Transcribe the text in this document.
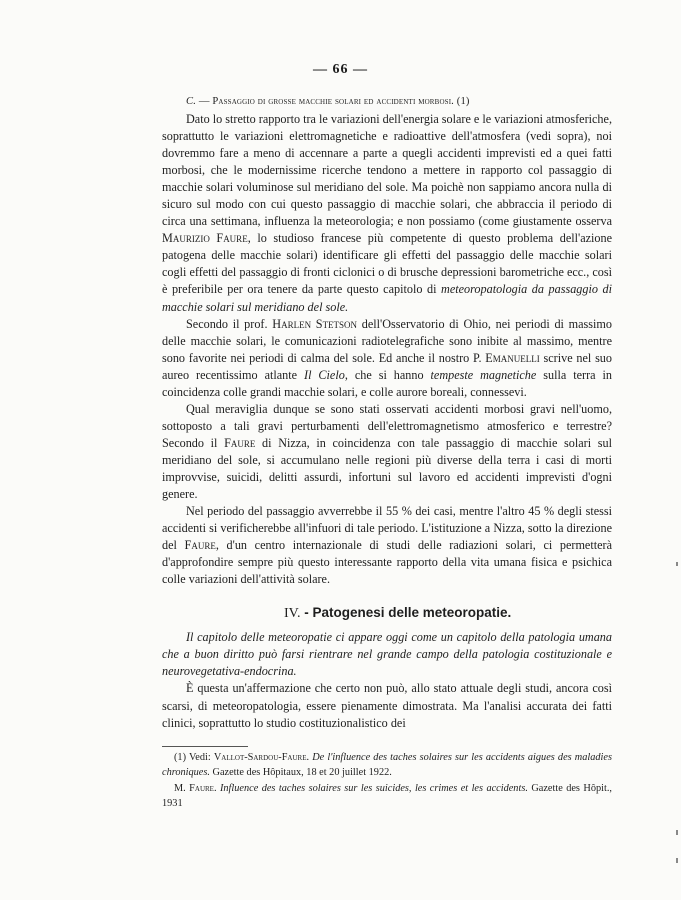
— 66 —
C. — Passaggio di grosse macchie solari ed accidenti morbosi. (1)

Dato lo stretto rapporto tra le variazioni dell'energia solare e le variazioni atmosferiche, soprattutto le variazioni elettromagnetiche e radioattive dell'atmosfera (vedi sopra), noi dovremmo fare a meno di accennare a parte a quegli accidenti imprevisti ed a quei fatti morbosi, che le modernissime ricerche tendono a mettere in rapporto col passaggio di macchie solari voluminose sul meridiano del sole. Ma poichè non sappiamo ancora nulla di sicuro sul modo con cui questo passaggio di macchie solari, che abbraccia il periodo di circa una settimana, influenza la meteorologia; e non possiamo (come giustamente osserva Maurizio Faure, lo studioso francese più competente di questo problema dell'azione patogena delle macchie solari) identificare gli effetti del passaggio delle macchie solari cogli effetti del passaggio di fronti ciclonici o di brusche depressioni barometriche ecc., così è preferibile per ora tenere da parte questo capitolo di meteoropatologia da passaggio di macchie solari sul meridiano del sole.

Secondo il prof. Harlen Stetson dell'Osservatorio di Ohio, nei periodi di massimo delle macchie solari, le comunicazioni radiotelegrafiche sono inibite al massimo, mentre sono favorite nei periodi di calma del sole. Ed anche il nostro P. Emanuelli scrive nel suo aureo recentissimo atlante Il Cielo, che si hanno tempeste magnetiche sulla terra in coincidenza colle grandi macchie solari, e colle aurore boreali, connessevi.

Qual meraviglia dunque se sono stati osservati accidenti morbosi gravi nell'uomo, sottoposto a tali gravi perturbamenti dell'elettromagnetismo atmosferico e terrestre? Secondo il Faure di Nizza, in coincidenza con tale passaggio di macchie solari sul meridiano del sole, si accumulano nelle regioni più diverse della terra i casi di morti improvvise, suicidi, delitti assurdi, infortuni sul lavoro ed accidenti imprevisti d'ogni genere.

Nel periodo del passaggio avverrebbe il 55 % dei casi, mentre l'altro 45 % degli stessi accidenti si verificherebbe all'infuori di tale periodo. L'istituzione a Nizza, sotto la direzione del Faure, d'un centro internazionale di studi delle radiazioni solari, ci permetterà d'approfondire sempre più questo interessante rapporto della vita umana fisica e psichica colle variazioni dell'attività solare.

IV. - Patogenesi delle meteoropatie.

Il capitolo delle meteoropatie ci appare oggi come un capitolo della patologia umana che a buon diritto può farsi rientrare nel grande campo della patologia costituzionale e neurovegetativa-endocrina.

È questa un'affermazione che certo non può, allo stato attuale degli studi, ancora così scarsi, di meteoropatologia, essere pienamente dimostrata. Ma l'analisi accurata dei fatti clinici, soprattutto lo studio costituzionalistico dei

(1) Vedi: Vallot-Sardou-Faure. De l'influence des taches solaires sur les accidents aigues des maladies chroniques. Gazette des Hôpitaux, 18 et 20 juillet 1922.

M. Faure. Influence des taches solaires sur les suicides, les crimes et les accidents. Gazette des Hôpit., 1931
